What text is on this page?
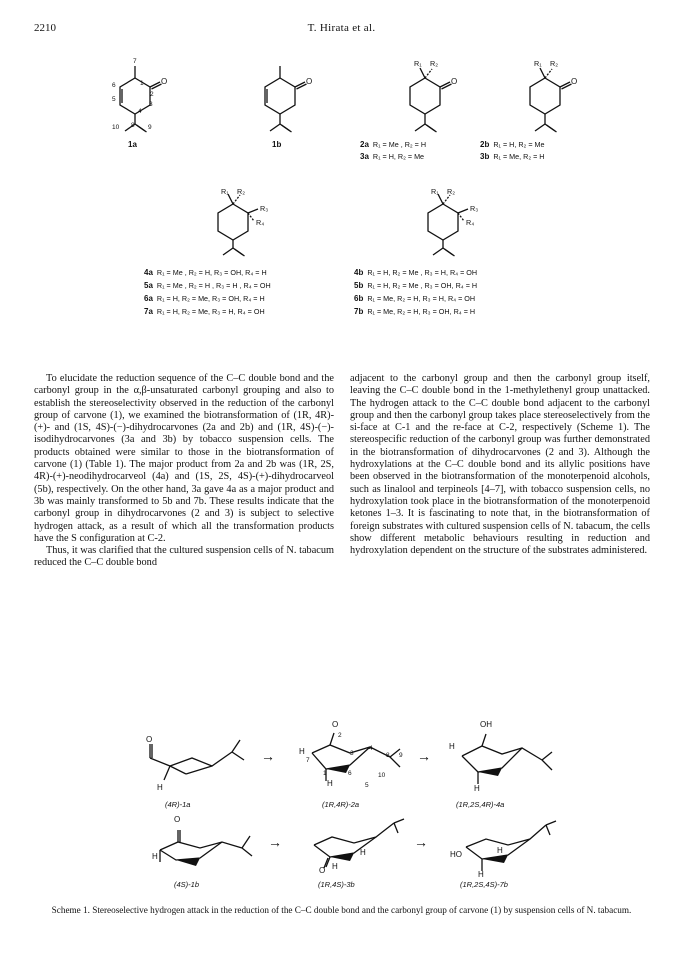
2210	T. Hirata et al.
7
6	1
2
5
4
3
10 8 9
O
1a
O
1b
R₁ R₂
O
2a R₁ = Me , R₂ = H
3a R₁ = H, R₂ = Me
R₁ R₂
O
2b R₁ = H, R₂ = Me
3b R₁ = Me, R₂ = H
R₁ R₂
R₃
R₄
R₁ R₂
R₃
R₄
4a R₁ = Me , R₂ = H, R₃ = OH, R₄ = H
5a R₁ = Me , R₂ = H , R₃ = H , R₄ = OH
6a R₁ = H, R₂ = Me, R₃ = OH, R₄ = H
7a R₁ = H, R₂ = Me, R₃ = H, R₄ = OH
4b R₁ = H, R₂ = Me , R₃ = H, R₄ = OH
5b R₁ = H, R₂ = Me , R₃ = OH, R₄ = H
6b R₁ = Me, R₂ = H, R₃ = H, R₄ = OH
7b R₁ = Me, R₂ = H, R₃ = OH, R₄ = H

To elucidate the reduction sequence of the C–C double bond and the carbonyl group in the α,β-unsaturated carbonyl grouping and also to establish the stereoselectivity observed in the reduction of the carbonyl group of carvone (1), we examined the biotransformation of (1R, 4R)-(+)- and (1S, 4S)-(−)-dihydrocarvones (2a and 2b) and (1R, 4S)-(−)-isodihydrocarvones (3a and 3b) by tobacco suspension cells. The products obtained were similar to those in the biotransformation of carvone (1) (Table 1). The major product from 2a and 2b was (1R, 2S, 4R)-(+)-neodihydrocarveol (4a) and (1S, 2S, 4S)-(+)-dihydrocarveol (5b), respectively. On the other hand, 3a gave 4a as a major product and 3b was mainly transformed to 5b and 7b. These results indicate that the carbonyl group in dihydrocarvones (2 and 3) is subject to selective hydrogen attack, as a result of which all the transformation products have the S configuration at C-2.

Thus, it was clarified that the cultured suspension cells of N. tabacum reduced the C–C double bond

adjacent to the carbonyl group and then the carbonyl group itself, leaving the C–C double bond in the 1-methylethenyl group unattacked. The hydrogen attack to the C–C double bond adjacent to the carbonyl group and then the carbonyl group takes place stereoselectively from the si-face at C-1 and the re-face at C-2, respectively (Scheme 1). The stereospecific reduction of the carbonyl group was further demonstrated in the biotransformation of dihydrocarvones (2 and 3). Although the hydroxylations at the C–C double bond and its allylic positions have been observed in the biotransformation of the monoterpenoid alcohols, such as linalool and terpineols [4–7], with tobacco suspension cells, no hydroxylation took place in the biotransformation of the monoterpenoid ketones 1–3. It is fascinating to note that, in the biotransformation of foreign substrates with cultured suspension cells of N. tabacum, the cells show different metabolic behaviours resulting in reduction and hydroxylation dependent on the structure of the substrates administered.

O
H
(4R)-1a
→
O
H
2
3
4
7
1	6
8 9
5
10
H
(1R,4R)-2a
→
OH
H
H
(1R,2S,4R)-4a
O
H
(4S)-1b
→
O H
H
(1R,4S)-3b
→
HO
H
H
(1R,2S,4S)-7b
Scheme 1. Stereoselective hydrogen attack in the reduction of the C–C double bond and the carbonyl group of carvone (1) by suspension cells of N. tabacum.
